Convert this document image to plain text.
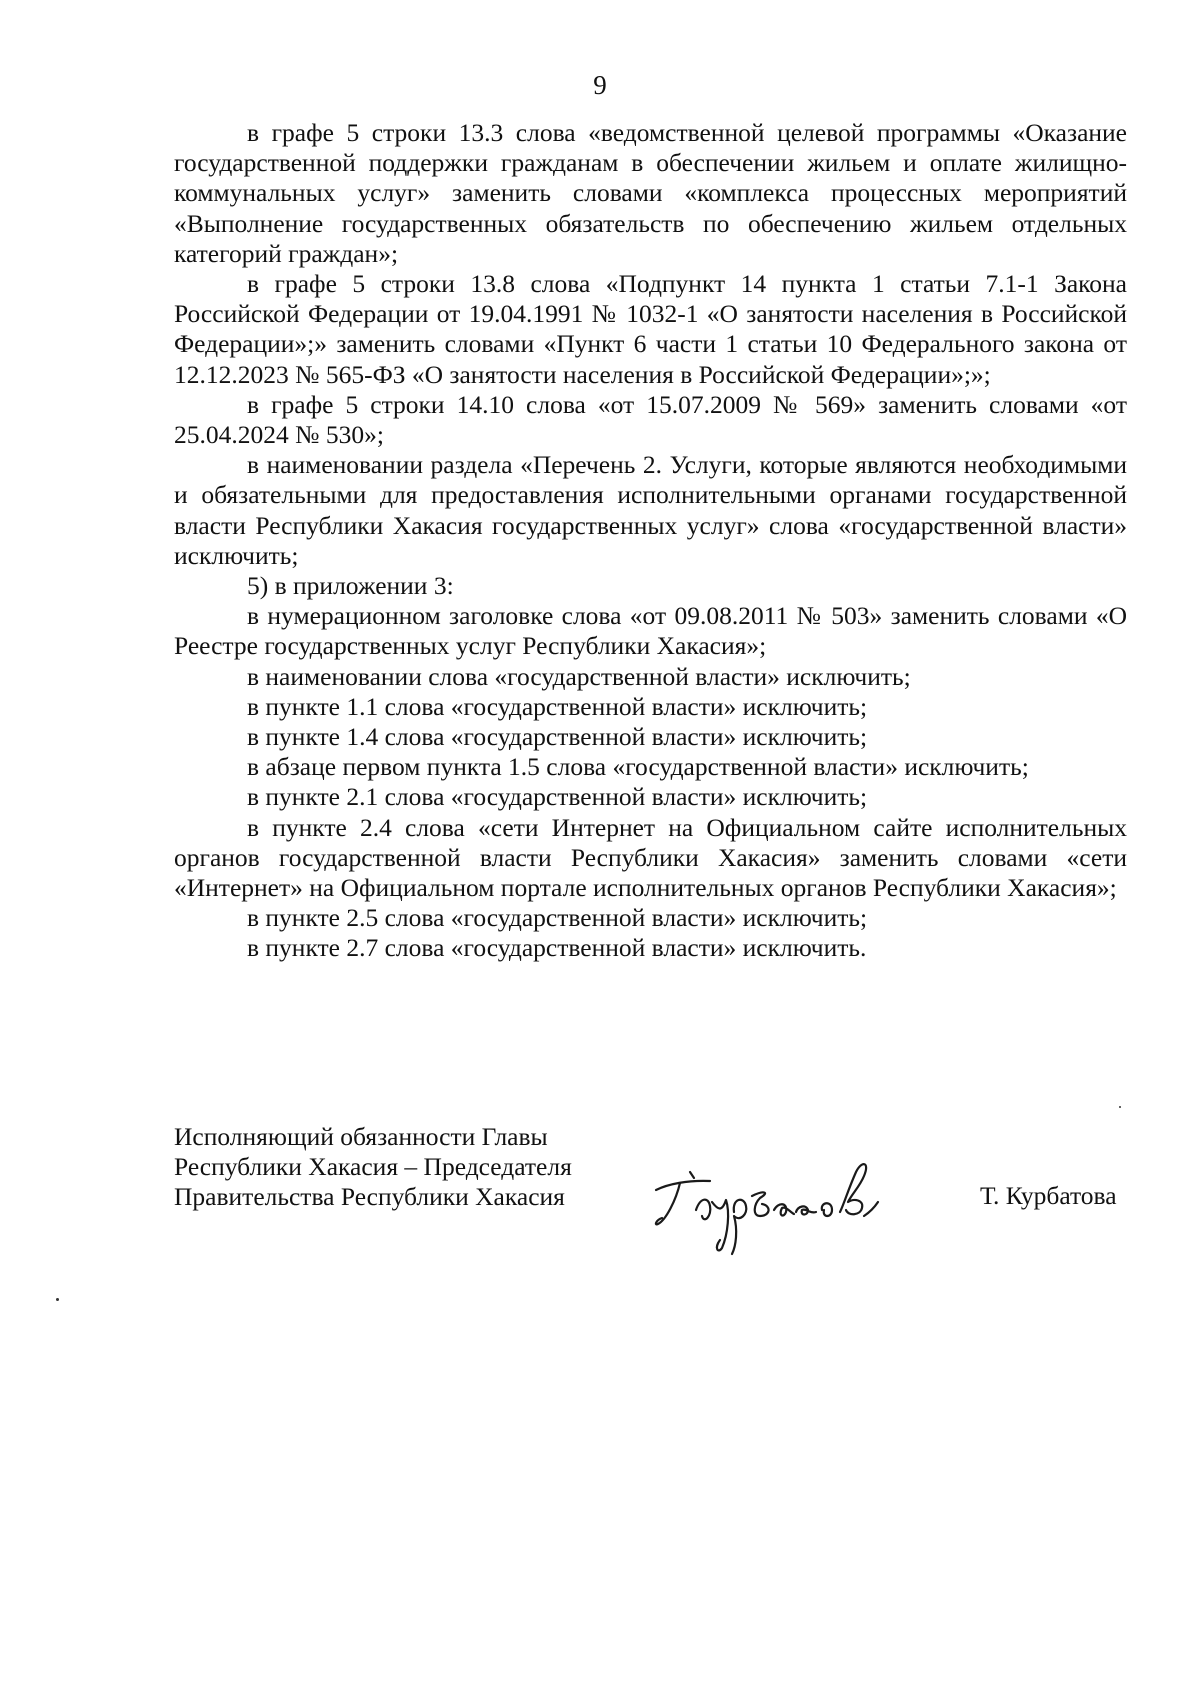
9

в графе 5 строки 13.3 слова «ведомственной целевой программы «Оказание государственной поддержки гражданам в обеспечении жильем и оплате жилищно-коммунальных услуг» заменить словами «комплекса процессных мероприятий «Выполнение государственных обязательств по обеспечению жильем отдельных категорий граждан»;

в графе 5 строки 13.8 слова «Подпункт 14 пункта 1 статьи 7.1-1 Закона Российской Федерации от 19.04.1991 № 1032-1 «О занятости населения в Российской Федерации»;» заменить словами «Пункт 6 части 1 статьи 10 Федерального закона от 12.12.2023 № 565-ФЗ «О занятости населения в Российской Федерации»;»;

в графе 5 строки 14.10 слова «от 15.07.2009 № 569» заменить словами «от 25.04.2024 № 530»;

в наименовании раздела «Перечень 2. Услуги, которые являются необходимыми и обязательными для предоставления исполнительными органами государственной власти Республики Хакасия государственных услуг» слова «государственной власти» исключить;

5) в приложении 3:

в нумерационном заголовке слова «от 09.08.2011 № 503» заменить словами «О Реестре государственных услуг Республики Хакасия»;

в наименовании слова «государственной власти» исключить;

в пункте 1.1 слова «государственной власти» исключить;

в пункте 1.4 слова «государственной власти» исключить;

в абзаце первом пункта 1.5 слова «государственной власти» исключить;

в пункте 2.1 слова «государственной власти» исключить;

в пункте 2.4 слова «сети Интернет на Официальном сайте исполнительных органов государственной власти Республики Хакасия» заменить словами «сети «Интернет» на Официальном портале исполнительных органов Республики Хакасия»;

в пункте 2.5 слова «государственной власти» исключить;

в пункте 2.7 слова «государственной власти» исключить.

Исполняющий обязанности Главы
Республики Хакасия – Председателя
Правительства Республики Хакасия	Т. Курбатова
